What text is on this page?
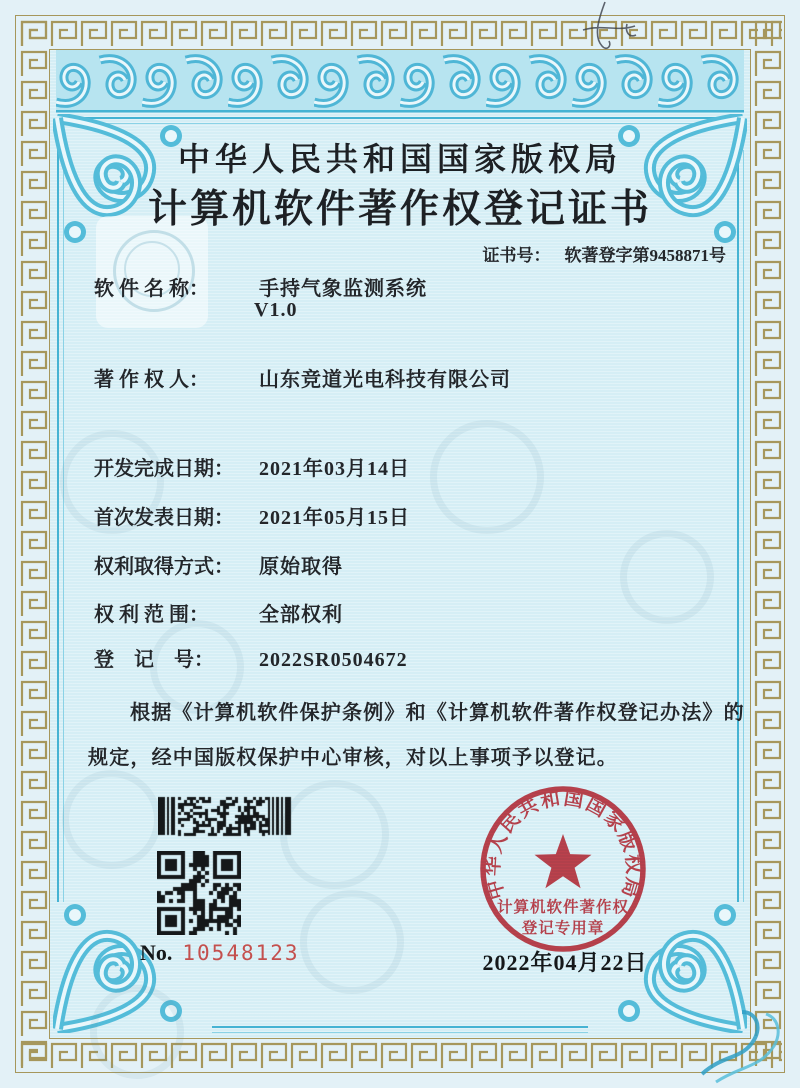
中华人民共和国国家版权局
计算机软件著作权登记证书
证书号： 软著登字第9458871号
软 件 名 称：	手持气象监测系统
V1.0
著 作 权 人：	山东竞道光电科技有限公司
开发完成日期： 2021年03月14日
首次发表日期： 2021年05月15日
权利取得方式： 原始取得
权 利 范 围：	全部权利
登　记　号： 2022SR0504672
根据《计算机软件保护条例》和《计算机软件著作权登记办法》的
规定，经中国版权保护中心审核，对以上事项予以登记。
No. 10548123
中华人民共和国国家版权局
计算机软件著作权
登记专用章
2022年04月22日
